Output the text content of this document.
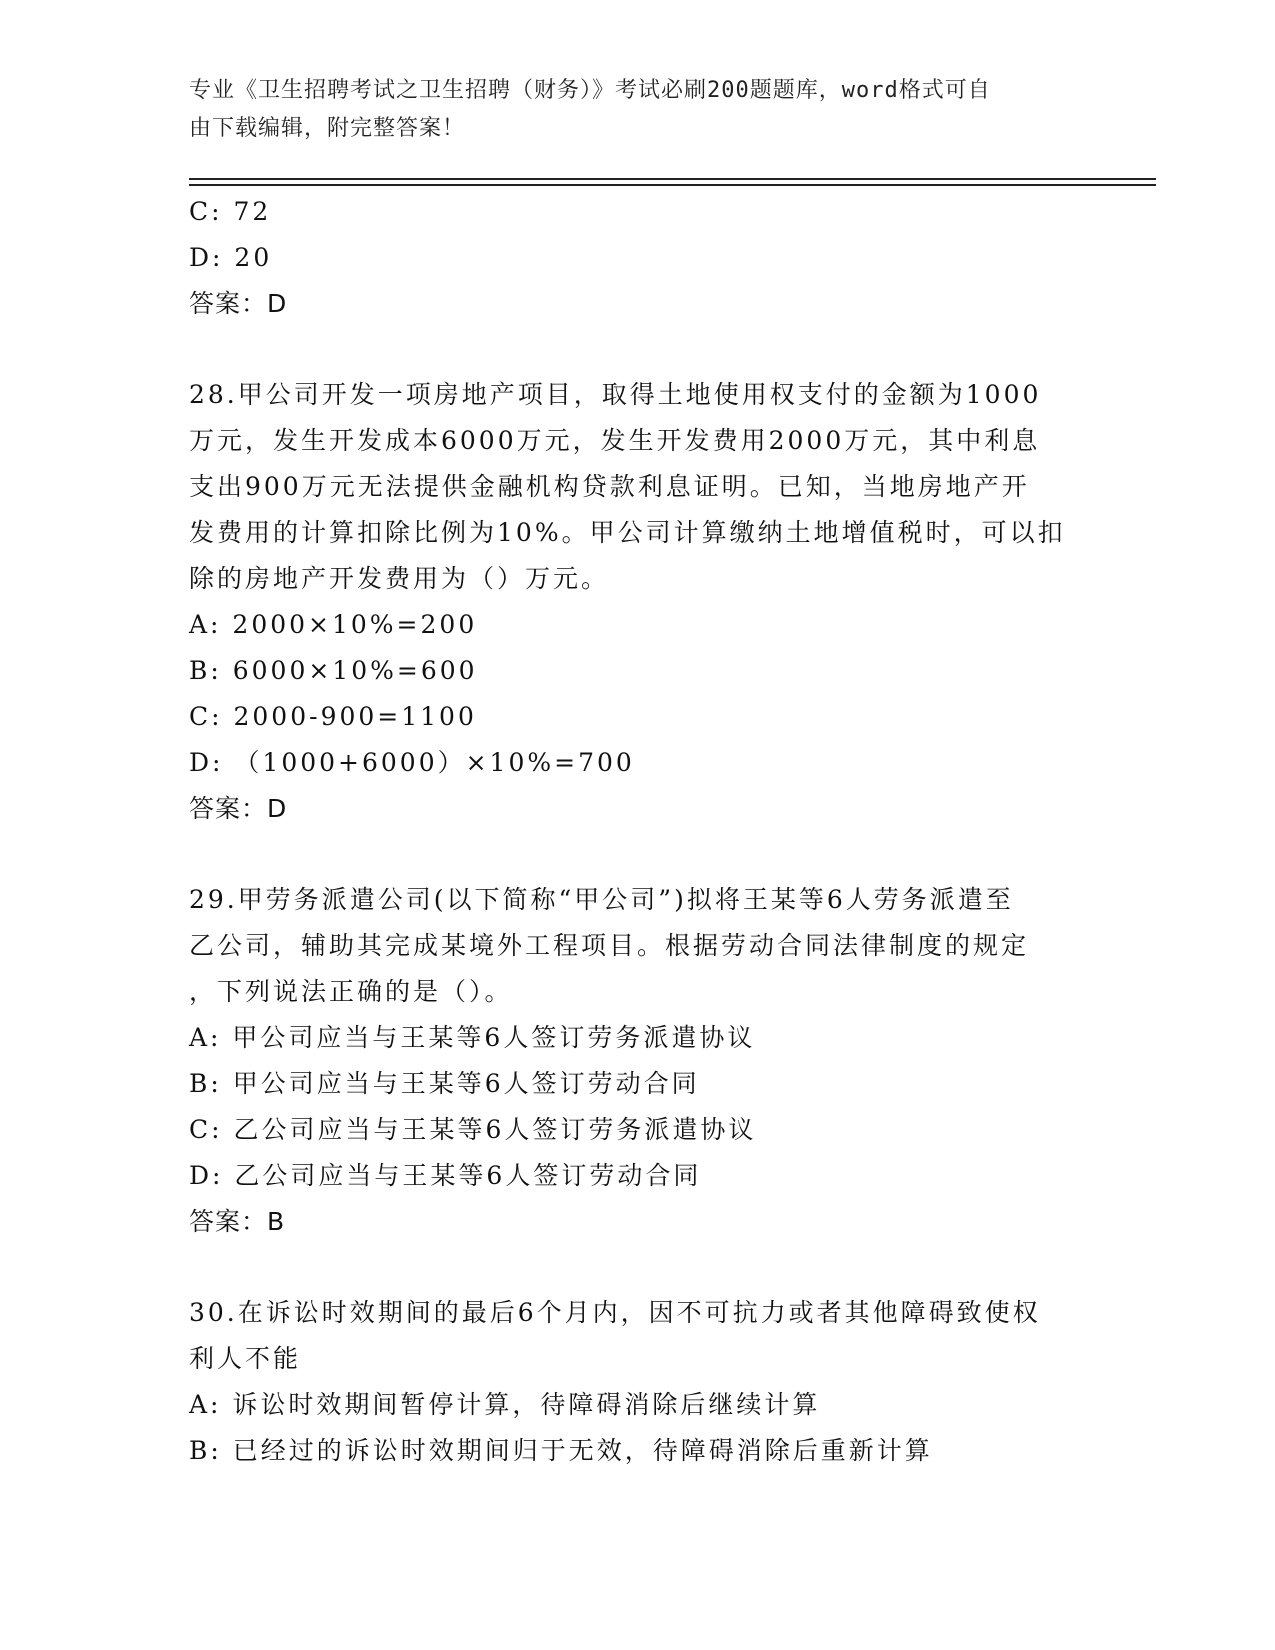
专业《卫生招聘考试之卫生招聘（财务）》考试必刷200题题库，word格式可自
由下载编辑，附完整答案！

C: 72

D: 20

答案：D

28.甲公司开发一项房地产项目，取得土地使用权支付的金额为1000

万元，发生开发成本6000万元，发生开发费用2000万元，其中利息

支出900万元无法提供金融机构贷款利息证明。已知，当地房地产开

发费用的计算扣除比例为10%。甲公司计算缴纳土地增值税时，可以扣

除的房地产开发费用为（）万元。

A: 2000×10%=200

B: 6000×10%=600

C: 2000-900=1100

D: （1000+6000）×10%=700

答案：D

29.甲劳务派遣公司(以下简称“甲公司”)拟将王某等6人劳务派遣至

乙公司，辅助其完成某境外工程项目。根据劳动合同法律制度的规定

，下列说法正确的是（）。

A: 甲公司应当与王某等6人签订劳务派遣协议

B: 甲公司应当与王某等6人签订劳动合同

C: 乙公司应当与王某等6人签订劳务派遣协议

D: 乙公司应当与王某等6人签订劳动合同

答案：B

30.在诉讼时效期间的最后6个月内，因不可抗力或者其他障碍致使权

利人不能

A: 诉讼时效期间暂停计算，待障碍消除后继续计算

B: 已经过的诉讼时效期间归于无效，待障碍消除后重新计算
